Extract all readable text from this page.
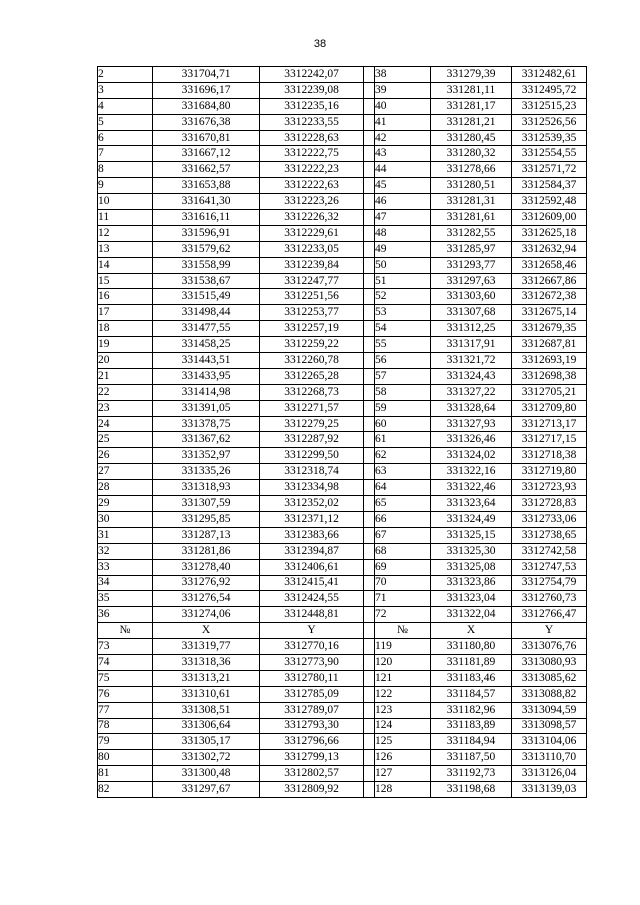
38
2	331704,71	3312242,07		38	331279,39	3312482,61
3	331696,17	3312239,08		39	331281,11	3312495,72
4	331684,80	3312235,16		40	331281,17	3312515,23
5	331676,38	3312233,55		41	331281,21	3312526,56
6	331670,81	3312228,63		42	331280,45	3312539,35
7	331667,12	3312222,75		43	331280,32	3312554,55
8	331662,57	3312222,23		44	331278,66	3312571,72
9	331653,88	3312222,63		45	331280,51	3312584,37
10	331641,30	3312223,26		46	331281,31	3312592,48
11	331616,11	3312226,32		47	331281,61	3312609,00
12	331596,91	3312229,61		48	331282,55	3312625,18
13	331579,62	3312233,05		49	331285,97	3312632,94
14	331558,99	3312239,84		50	331293,77	3312658,46
15	331538,67	3312247,77		51	331297,63	3312667,86
16	331515,49	3312251,56		52	331303,60	3312672,38
17	331498,44	3312253,77		53	331307,68	3312675,14
18	331477,55	3312257,19		54	331312,25	3312679,35
19	331458,25	3312259,22		55	331317,91	3312687,81
20	331443,51	3312260,78		56	331321,72	3312693,19
21	331433,95	3312265,28		57	331324,43	3312698,38
22	331414,98	3312268,73		58	331327,22	3312705,21
23	331391,05	3312271,57		59	331328,64	3312709,80
24	331378,75	3312279,25		60	331327,93	3312713,17
25	331367,62	3312287,92		61	331326,46	3312717,15
26	331352,97	3312299,50		62	331324,02	3312718,38
27	331335,26	3312318,74		63	331322,16	3312719,80
28	331318,93	3312334,98		64	331322,46	3312723,93
29	331307,59	3312352,02		65	331323,64	3312728,83
30	331295,85	3312371,12		66	331324,49	3312733,06
31	331287,13	3312383,66		67	331325,15	3312738,65
32	331281,86	3312394,87		68	331325,30	3312742,58
33	331278,40	3312406,61		69	331325,08	3312747,53
34	331276,92	3312415,41		70	331323,86	3312754,79
35	331276,54	3312424,55		71	331323,04	3312760,73
36	331274,06	3312448,81		72	331322,04	3312766,47
№	X	Y		№	X	Y
73	331319,77	3312770,16		119	331180,80	3313076,76
74	331318,36	3312773,90		120	331181,89	3313080,93
75	331313,21	3312780,11		121	331183,46	3313085,62
76	331310,61	3312785,09		122	331184,57	3313088,82
77	331308,51	3312789,07		123	331182,96	3313094,59
78	331306,64	3312793,30		124	331183,89	3313098,57
79	331305,17	3312796,66		125	331184,94	3313104,06
80	331302,72	3312799,13		126	331187,50	3313110,70
81	331300,48	3312802,57		127	331192,73	3313126,04
82	331297,67	3312809,92		128	331198,68	3313139,03
